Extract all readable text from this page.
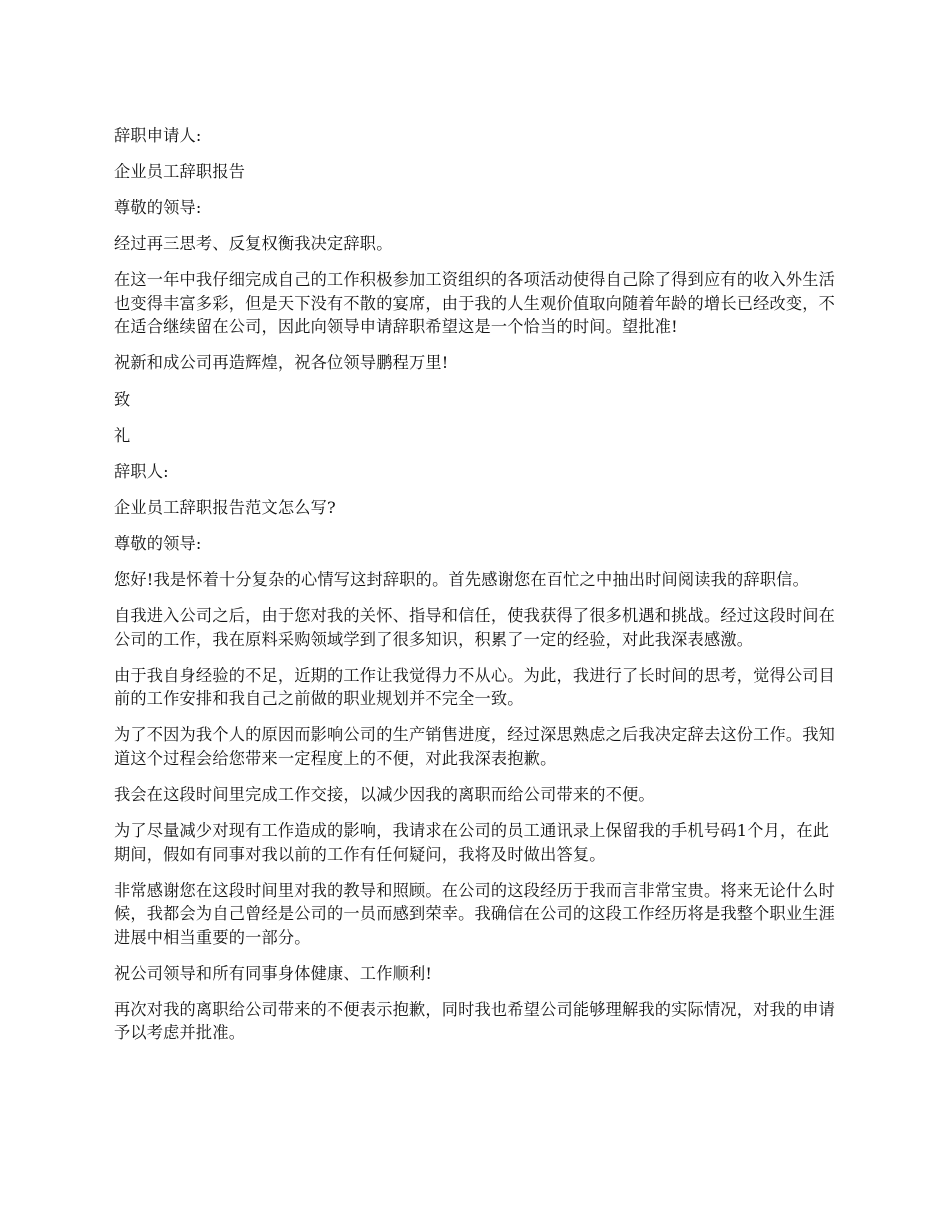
辞职申请人:

企业员工辞职报告

尊敬的领导:

经过再三思考、反复权衡我决定辞职。

在这一年中我仔细完成自己的工作积极参加工资组织的各项活动使得自己除了得到应有的收入外生活也变得丰富多彩，但是天下没有不散的宴席，由于我的人生观价值取向随着年龄的增长已经改变，不在适合继续留在公司，因此向领导申请辞职希望这是一个恰当的时间。望批准!

祝新和成公司再造辉煌，祝各位领导鹏程万里!

致

礼

辞职人:

企业员工辞职报告范文怎么写?

尊敬的领导:

您好!我是怀着十分复杂的心情写这封辞职的。首先感谢您在百忙之中抽出时间阅读我的辞职信。

自我进入公司之后，由于您对我的关怀、指导和信任，使我获得了很多机遇和挑战。经过这段时间在公司的工作，我在原料采购领域学到了很多知识，积累了一定的经验，对此我深表感激。

由于我自身经验的不足，近期的工作让我觉得力不从心。为此，我进行了长时间的思考，觉得公司目前的工作安排和我自己之前做的职业规划并不完全一致。

为了不因为我个人的原因而影响公司的生产销售进度，经过深思熟虑之后我决定辞去这份工作。我知道这个过程会给您带来一定程度上的不便，对此我深表抱歉。

我会在这段时间里完成工作交接，以减少因我的离职而给公司带来的不便。

为了尽量减少对现有工作造成的影响，我请求在公司的员工通讯录上保留我的手机号码1个月，在此期间，假如有同事对我以前的工作有任何疑问，我将及时做出答复。

非常感谢您在这段时间里对我的教导和照顾。在公司的这段经历于我而言非常宝贵。将来无论什么时候，我都会为自己曾经是公司的一员而感到荣幸。我确信在公司的这段工作经历将是我整个职业生涯进展中相当重要的一部分。

祝公司领导和所有同事身体健康、工作顺利!

再次对我的离职给公司带来的不便表示抱歉，同时我也希望公司能够理解我的实际情况，对我的申请予以考虑并批准。
